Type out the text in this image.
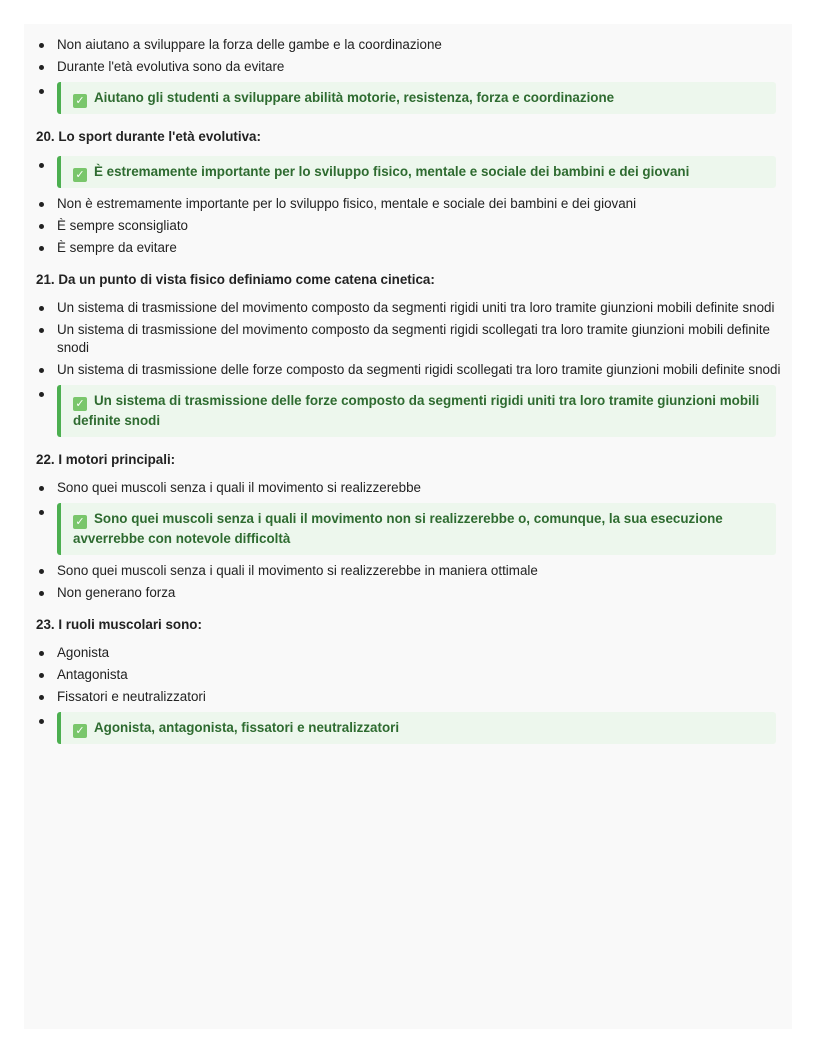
Non aiutano a sviluppare la forza delle gambe e la coordinazione
Durante l'età evolutiva sono da evitare
✓ Aiutano gli studenti a sviluppare abilità motorie, resistenza, forza e coordinazione
20. Lo sport durante l'età evolutiva:
✓ È estremamente importante per lo sviluppo fisico, mentale e sociale dei bambini e dei giovani
Non è estremamente importante per lo sviluppo fisico, mentale e sociale dei bambini e dei giovani
È sempre sconsigliato
È sempre da evitare
21. Da un punto di vista fisico definiamo come catena cinetica:
Un sistema di trasmissione del movimento composto da segmenti rigidi uniti tra loro tramite giunzioni mobili definite snodi
Un sistema di trasmissione del movimento composto da segmenti rigidi scollegati tra loro tramite giunzioni mobili definite snodi
Un sistema di trasmissione delle forze composto da segmenti rigidi scollegati tra loro tramite giunzioni mobili definite snodi
✓ Un sistema di trasmissione delle forze composto da segmenti rigidi uniti tra loro tramite giunzioni mobili definite snodi
22. I motori principali:
Sono quei muscoli senza i quali il movimento si realizzerebbe
✓ Sono quei muscoli senza i quali il movimento non si realizzerebbe o, comunque, la sua esecuzione avverrebbe con notevole difficoltà
Sono quei muscoli senza i quali il movimento si realizzerebbe in maniera ottimale
Non generano forza
23. I ruoli muscolari sono:
Agonista
Antagonista
Fissatori e neutralizzatori
✓ Agonista, antagonista, fissatori e neutralizzatori
